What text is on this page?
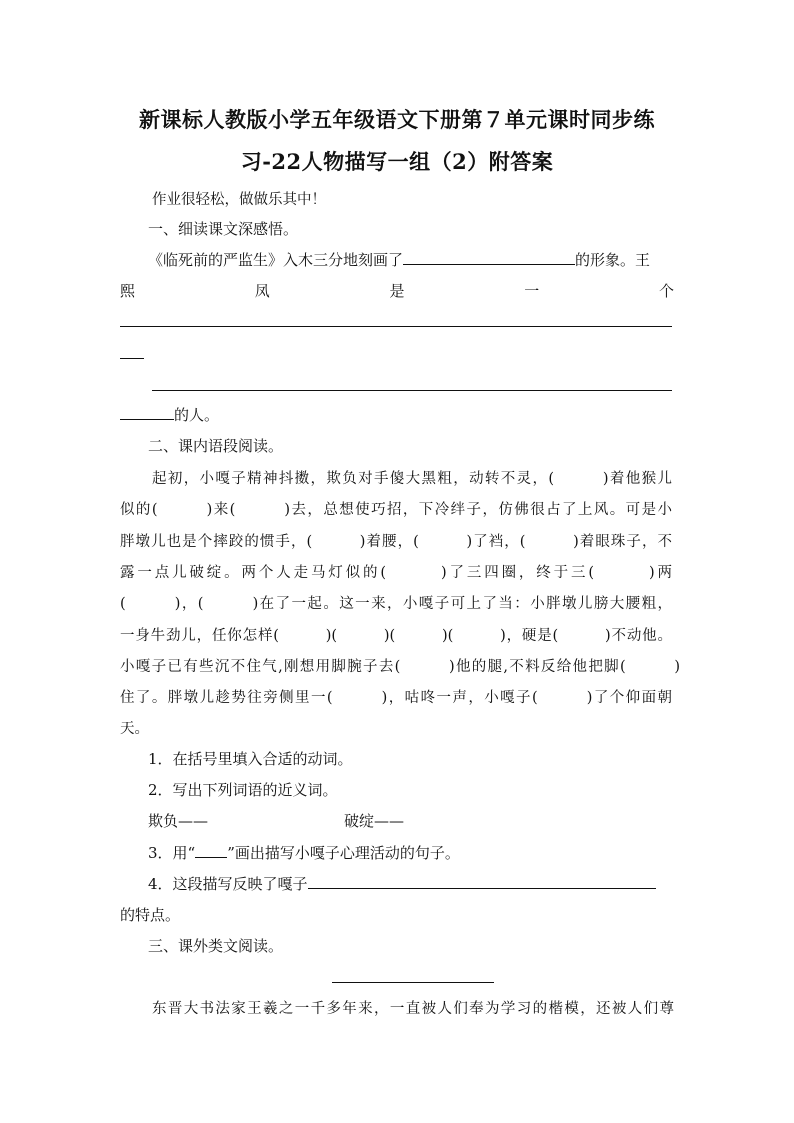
新课标人教版小学五年级语文下册第７单元课时同步练
习-22人物描写一组（2）附答案
作业很轻松，做做乐其中！
一、细读课文深感悟。
《临死前的严监生》入木三分地刻画了	的形象。王
熙	凤	是	一	个
的人。
二、课内语段阅读。
起初，小嘎子精神抖擞，欺负对手傻大黑粗，动转不灵，(　　　)着他猴儿
似的(　　　)来(　　　)去，总想使巧招，下冷绊子，仿佛很占了上风。可是小
胖墩儿也是个摔跤的惯手，(　　　)着腰，(　　　)了裆，(　　　)着眼珠子，不
露一点儿破绽。两个人走马灯似的(　　　)了三四圈，终于三(　　　)两
(　　　)，(　　　)在了一起。这一来，小嘎子可上了当：小胖墩儿膀大腰粗，
一身牛劲儿，任你怎样(　　　)(　　　)(　　　)(　　　)，硬是(　　　)不动他。
小嘎子已有些沉不住气,刚想用脚腕子去(　　　)他的腿,不料反给他把脚(　　　)
住了。胖墩儿趁势往旁侧里一(　　　)，咕咚一声，小嘎子(　　　)了个仰面朝
天。
1．在括号里填入合适的动词。
2．写出下列词语的近义词。
欺负——	破绽——
3．用“ ”画出描写小嘎子心理活动的句子。
4．这段描写反映了嘎子
的特点。
三、课外类文阅读。
东晋大书法家王羲之一千多年来，一直被人们奉为学习的楷模，还被人们尊
